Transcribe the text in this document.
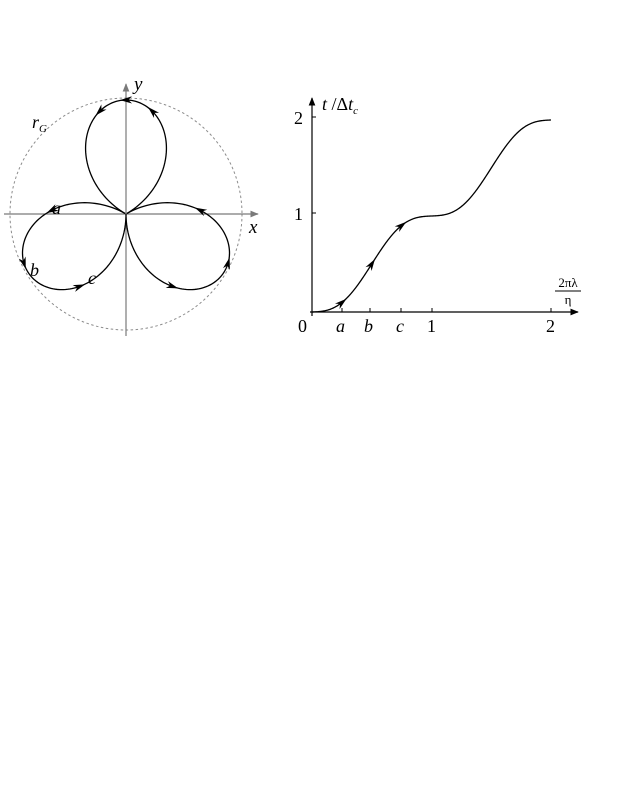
$r_G$
x
y
a
b	c
0 a b c 1	2
1
2
t $/\Delta t_c$
2πλ
η
